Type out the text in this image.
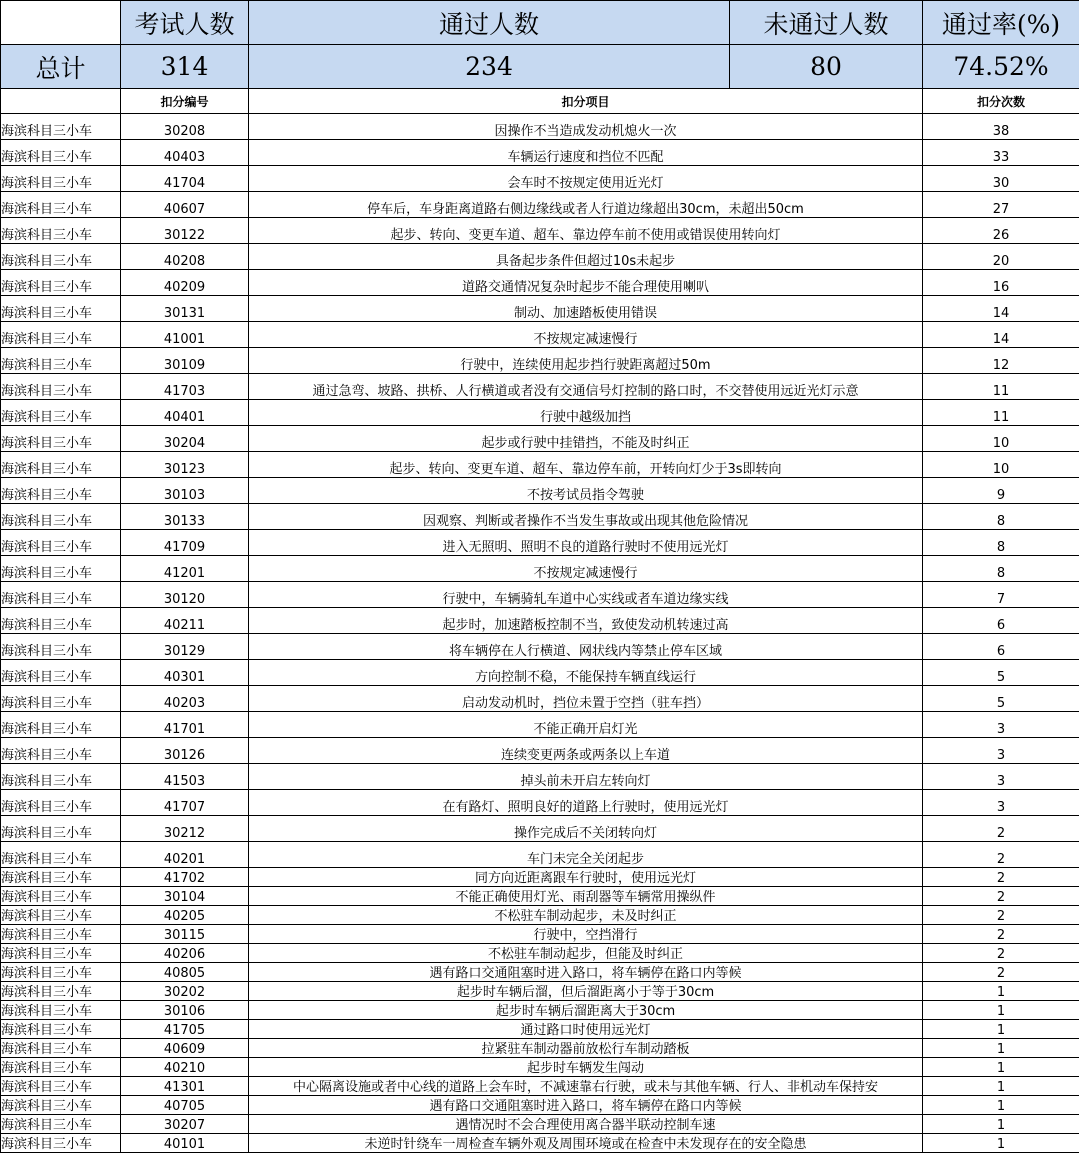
	考试人数	通过人数	未通过人数	通过率(%)
总计	314	234	80	74.52%
	扣分编号	扣分项目		扣分次数
海滨科目三小车	30208	因操作不当造成发动机熄火一次		38
海滨科目三小车	40403	车辆运行速度和挡位不匹配		33
海滨科目三小车	41704	会车时不按规定使用近光灯		30
海滨科目三小车	40607	停车后，车身距离道路右侧边缘线或者人行道边缘超出30cm，未超出50cm		27
海滨科目三小车	30122	起步、转向、变更车道、超车、靠边停车前不使用或错误使用转向灯		26
海滨科目三小车	40208	具备起步条件但超过10s未起步		20
海滨科目三小车	40209	道路交通情况复杂时起步不能合理使用喇叭		16
海滨科目三小车	30131	制动、加速踏板使用错误		14
海滨科目三小车	41001	不按规定减速慢行		14
海滨科目三小车	30109	行驶中，连续使用起步挡行驶距离超过50m		12
海滨科目三小车	41703	通过急弯、坡路、拱桥、人行横道或者没有交通信号灯控制的路口时，不交替使用远近光灯示意		11
海滨科目三小车	40401	行驶中越级加挡		11
海滨科目三小车	30204	起步或行驶中挂错挡，不能及时纠正		10
海滨科目三小车	30123	起步、转向、变更车道、超车、靠边停车前，开转向灯少于3s即转向		10
海滨科目三小车	30103	不按考试员指令驾驶		9
海滨科目三小车	30133	因观察、判断或者操作不当发生事故或出现其他危险情况		8
海滨科目三小车	41709	进入无照明、照明不良的道路行驶时不使用远光灯		8
海滨科目三小车	41201	不按规定减速慢行		8
海滨科目三小车	30120	行驶中，车辆骑轧车道中心实线或者车道边缘实线		7
海滨科目三小车	40211	起步时，加速踏板控制不当，致使发动机转速过高		6
海滨科目三小车	30129	将车辆停在人行横道、网状线内等禁止停车区域		6
海滨科目三小车	40301	方向控制不稳，不能保持车辆直线运行		5
海滨科目三小车	40203	启动发动机时，挡位未置于空挡（驻车挡）		5
海滨科目三小车	41701	不能正确开启灯光		3
海滨科目三小车	30126	连续变更两条或两条以上车道		3
海滨科目三小车	41503	掉头前未开启左转向灯		3
海滨科目三小车	41707	在有路灯、照明良好的道路上行驶时，使用远光灯		3
海滨科目三小车	30212	操作完成后不关闭转向灯		2
海滨科目三小车	40201	车门未完全关闭起步		2
海滨科目三小车	41702	同方向近距离跟车行驶时，使用远光灯		2
海滨科目三小车	30104	不能正确使用灯光、雨刮器等车辆常用操纵件		2
海滨科目三小车	40205	不松驻车制动起步，未及时纠正		2
海滨科目三小车	30115	行驶中，空挡滑行		2
海滨科目三小车	40206	不松驻车制动起步，但能及时纠正		2
海滨科目三小车	40805	遇有路口交通阻塞时进入路口，将车辆停在路口内等候		2
海滨科目三小车	30202	起步时车辆后溜，但后溜距离小于等于30cm		1
海滨科目三小车	30106	起步时车辆后溜距离大于30cm		1
海滨科目三小车	41705	通过路口时使用远光灯		1
海滨科目三小车	40609	拉紧驻车制动器前放松行车制动踏板		1
海滨科目三小车	40210	起步时车辆发生闯动		1
海滨科目三小车	41301	中心隔离设施或者中心线的道路上会车时，不减速靠右行驶，或未与其他车辆、行人、非机动车保持安		1
海滨科目三小车	40705	遇有路口交通阻塞时进入路口，将车辆停在路口内等候		1
海滨科目三小车	30207	遇情况时不会合理使用离合器半联动控制车速		1
海滨科目三小车	40101	未逆时针绕车一周检查车辆外观及周围环境或在检查中未发现存在的安全隐患		1
